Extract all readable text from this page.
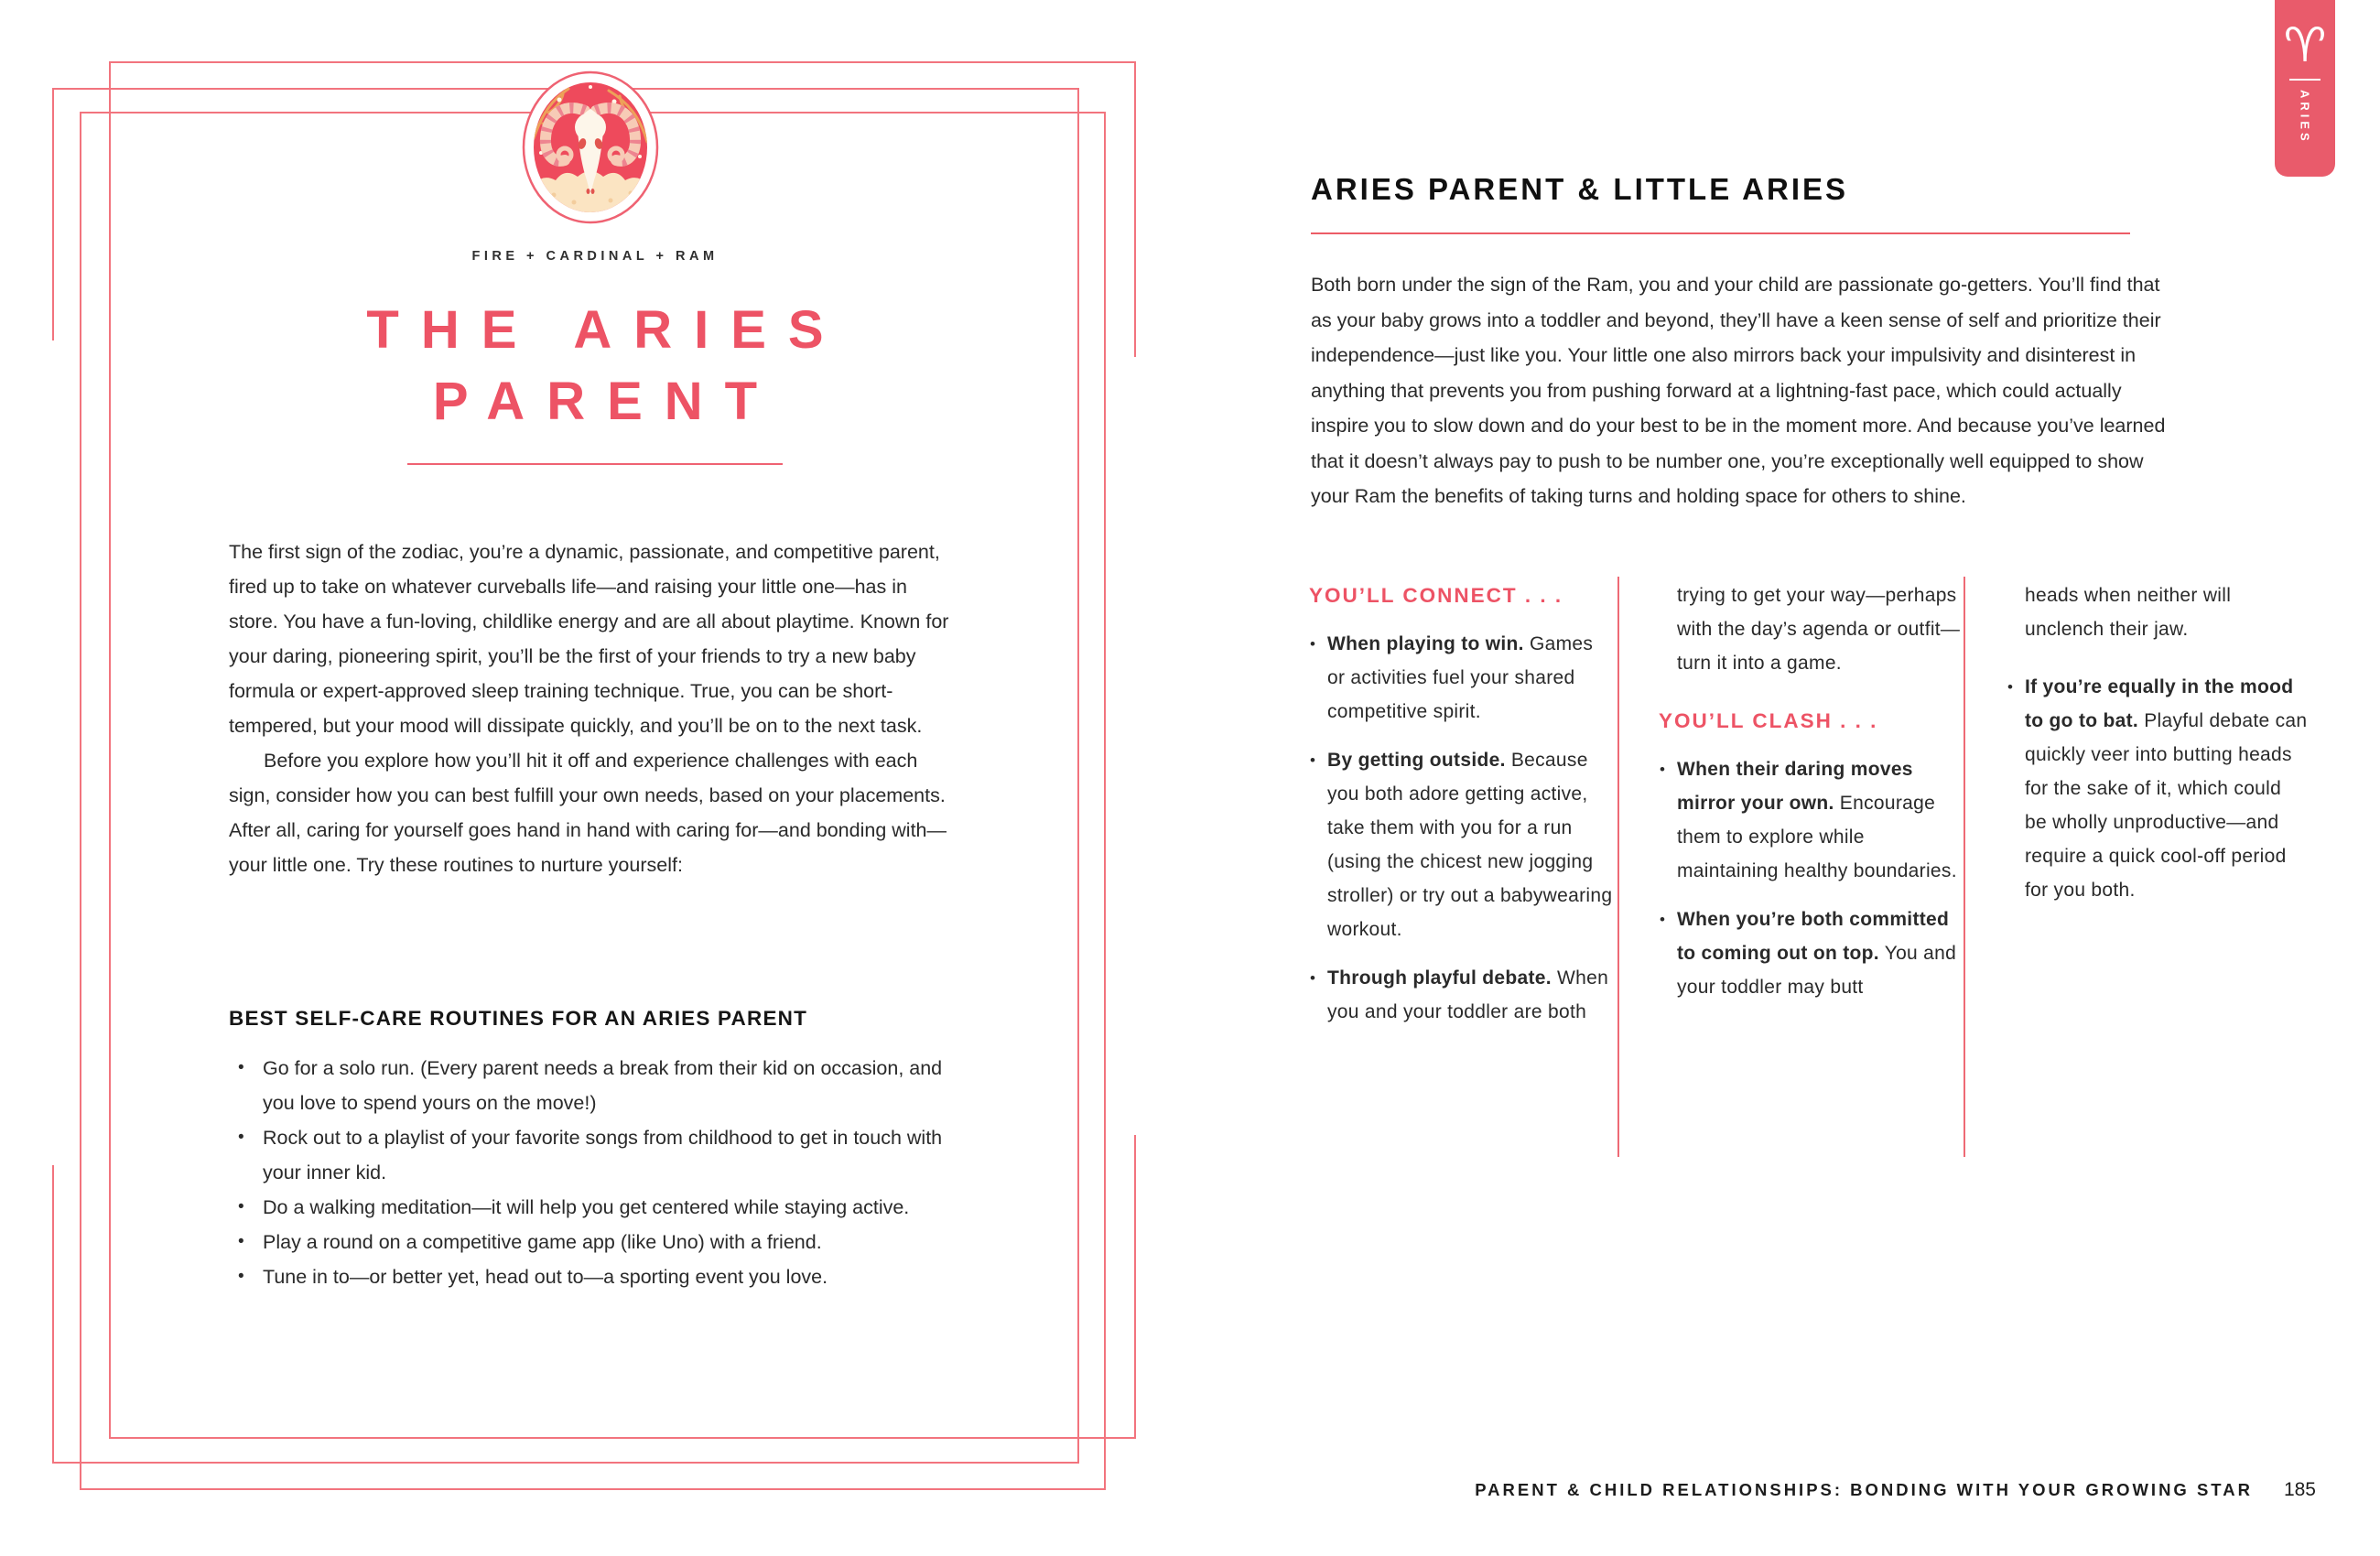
FIRE + CARDINAL + RAM
THE ARIES
PARENT

The first sign of the zodiac, you’re a dynamic, passionate, and competitive parent, fired up to take on whatever curveballs life—and raising your little one—has in store. You have a fun-loving, childlike energy and are all about playtime. Known for your daring, pioneering spirit, you’ll be the first of your friends to try a new baby formula or expert-approved sleep training technique. True, you can be short-tempered, but your mood will dissipate quickly, and you’ll be on to the next task.

Before you explore how you’ll hit it off and experience challenges with each sign, consider how you can best fulfill your own needs, based on your placements. After all, caring for yourself goes hand in hand with caring for—and bonding with—your little one. Try these routines to nurture yourself:

BEST SELF-CARE ROUTINES FOR AN ARIES PARENT
• Go for a solo run. (Every parent needs a break from their kid on occasion, and you love to spend yours on the move!)
• Rock out to a playlist of your favorite songs from childhood to get in touch with your inner kid.
• Do a walking meditation—it will help you get centered while staying active.
• Play a round on a competitive game app (like Uno) with a friend.
• Tune in to—or better yet, head out to—a sporting event you love.
ARIES PARENT & LITTLE ARIES

Both born under the sign of the Ram, you and your child are passionate go-getters. You’ll find that as your baby grows into a toddler and beyond, they’ll have a keen sense of self and prioritize their independence—just like you. Your little one also mirrors back your impulsivity and disinterest in anything that prevents you from pushing forward at a lightning-fast pace, which could actually inspire you to slow down and do your best to be in the moment more. And because you’ve learned that it doesn’t always pay to push to be number one, you’re exceptionally well equipped to show your Ram the benefits of taking turns and holding space for others to shine.

YOU’LL CONNECT . . .

• When playing to win. Games or activities fuel your shared competitive spirit.
• By getting outside. Because you both adore getting active, take them with you for a run (using the chicest new jogging stroller) or try out a babywearing workout.
• Through playful debate. When you and your toddler are both

trying to get your way—perhaps with the day’s agenda or outfit—turn it into a game.

YOU’LL CLASH . . .

• When their daring moves mirror your own. Encourage them to explore while maintaining healthy boundaries.
• When you’re both committed to coming out on top. You and your toddler may butt

heads when neither will unclench their jaw.

• If you’re equally in the mood to go to bat. Playful debate can quickly veer into butting heads for the sake of it, which could be wholly unproductive—and require a quick cool-off period for you both.
PARENT & CHILD RELATIONSHIPS: BONDING WITH YOUR GROWING STAR 185
♈
ARIES
